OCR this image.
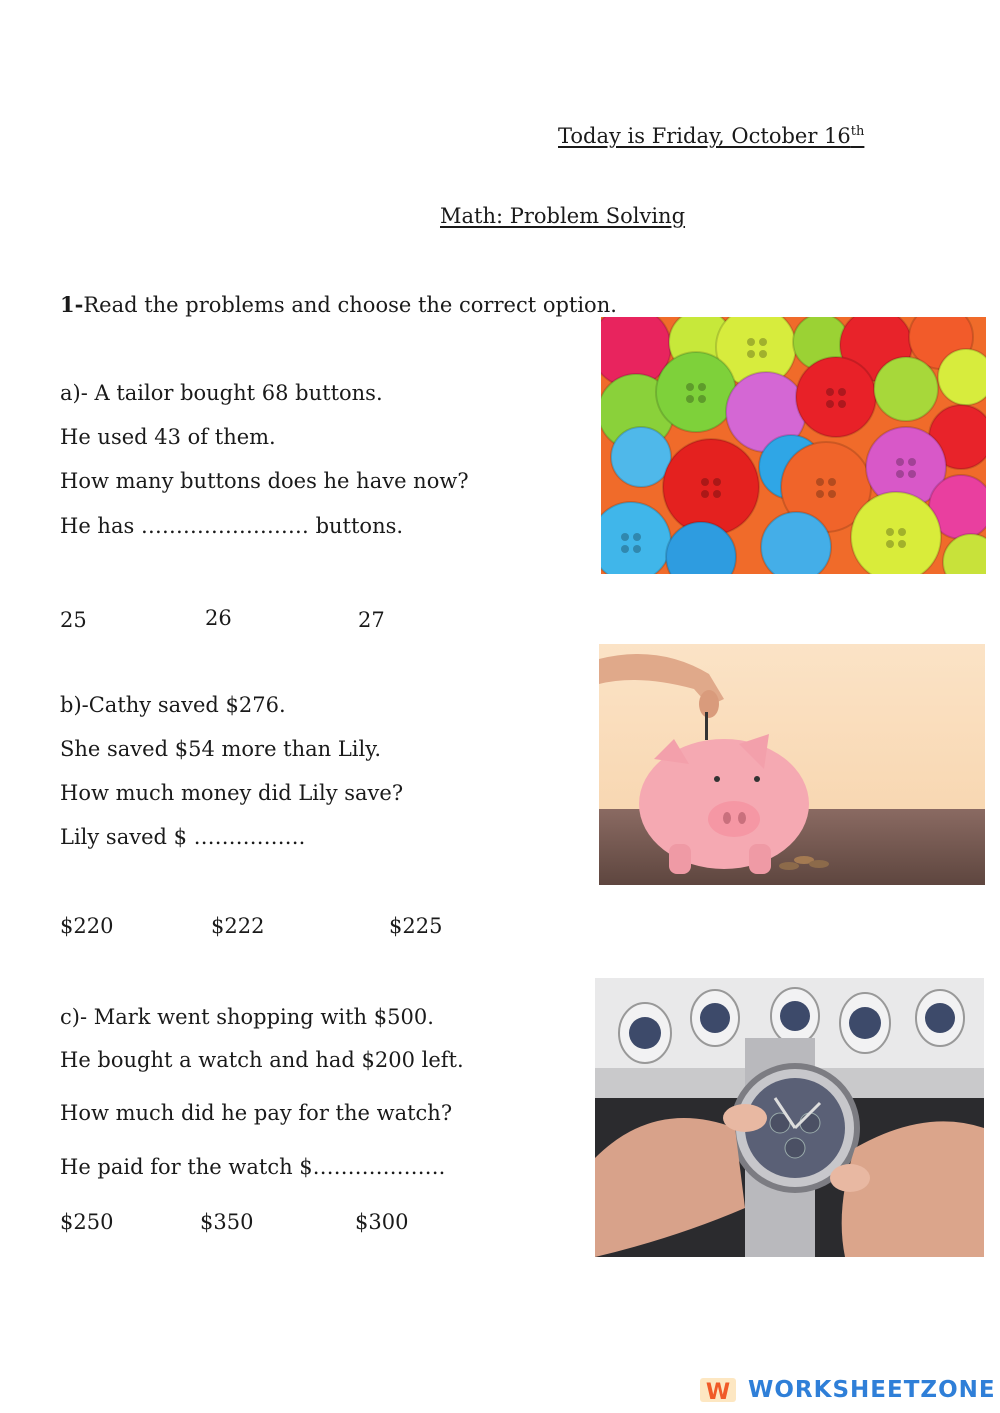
Today is Friday, October 16th
Math: Problem Solving
1-Read the problems and choose the correct option.
a)- A tailor bought 68 buttons.
He used 43 of them.
How many buttons does he have now?
He has …………………… buttons.
25	26	27
b)-Cathy saved $276.
She saved $54 more than Lily.
How much money did Lily save?
Lily saved $ …………….
$220	$222	$225
c)- Mark went shopping with $500.
He bought a watch and had $200 left.
How much did he pay for the watch?
He paid for the watch $……………….
$250	$350	$300
W WORKSHEETZONE
